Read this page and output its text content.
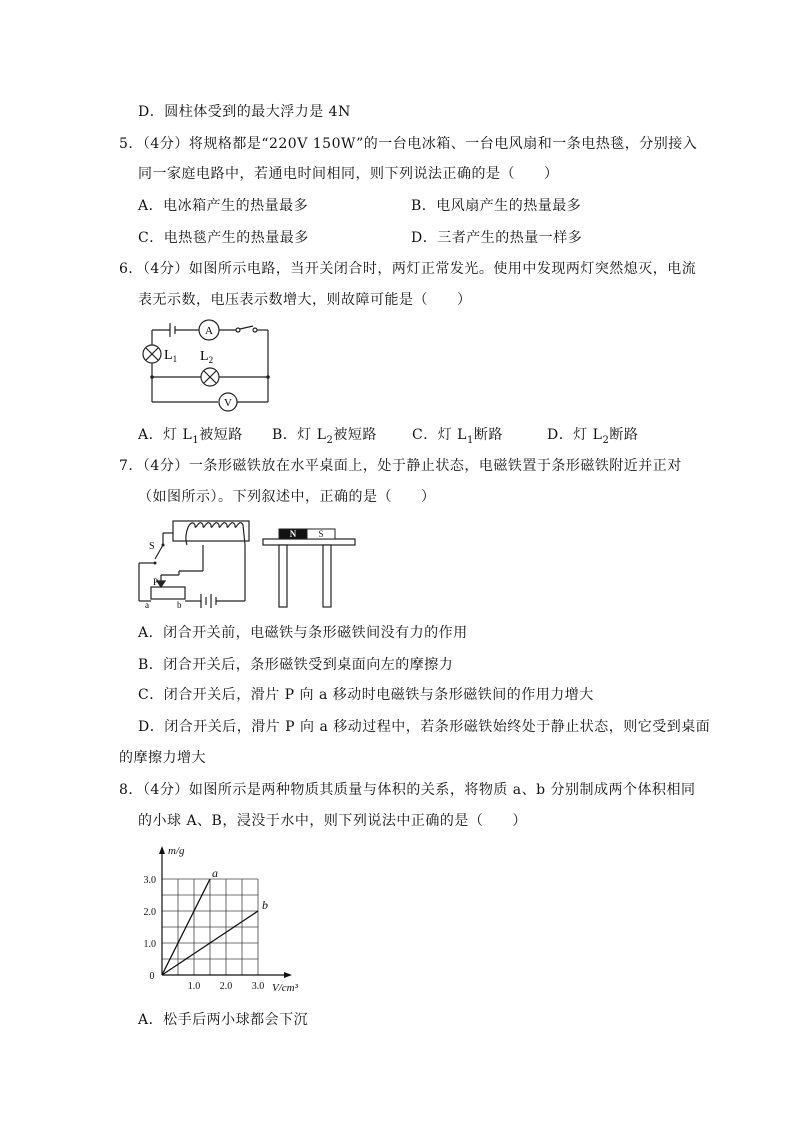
D．圆柱体受到的最大浮力是 4N
5．（4分）将规格都是“220V 150W”的一台电冰箱、一台电风扇和一条电热毯，分别接入
同一家庭电路中，若通电时间相同，则下列说法正确的是（　　）
A．电冰箱产生的热量最多	B．电风扇产生的热量最多
C．电热毯产生的热量最多	D．三者产生的热量一样多
6．（4分）如图所示电路，当开关闭合时，两灯正常发光。使用中发现两灯突然熄灭，电流
表无示数，电压表示数增大，则故障可能是（　　）
A
V
$L_1$ $L_2$
A．灯 $L_1$被短路 B．灯 $L_2$被短路	C．灯 $L_1$断路	D．灯 $L_2$断路
7．（4分）一条形磁铁放在水平桌面上，处于静止状态，电磁铁置于条形磁铁附近并正对
（如图所示）。下列叙述中，正确的是（　　）
N S
S
P
a	b
A．闭合开关前，电磁铁与条形磁铁间没有力的作用
B．闭合开关后，条形磁铁受到桌面向左的摩擦力
C．闭合开关后，滑片 P 向 a 移动时电磁铁与条形磁铁间的作用力增大
D．闭合开关后，滑片 P 向 a 移动过程中，若条形磁铁始终处于静止状态，则它受到桌面
的摩擦力增大
8．（4分）如图所示是两种物质其质量与体积的关系，将物质 a、b 分别制成两个体积相同
的小球 A、B，浸没于水中，则下列说法中正确的是（　　）
a
b
1.0 2.0 3.0
1.0
2.0
3.0
0
m/g
V/cm³
A．松手后两小球都会下沉
